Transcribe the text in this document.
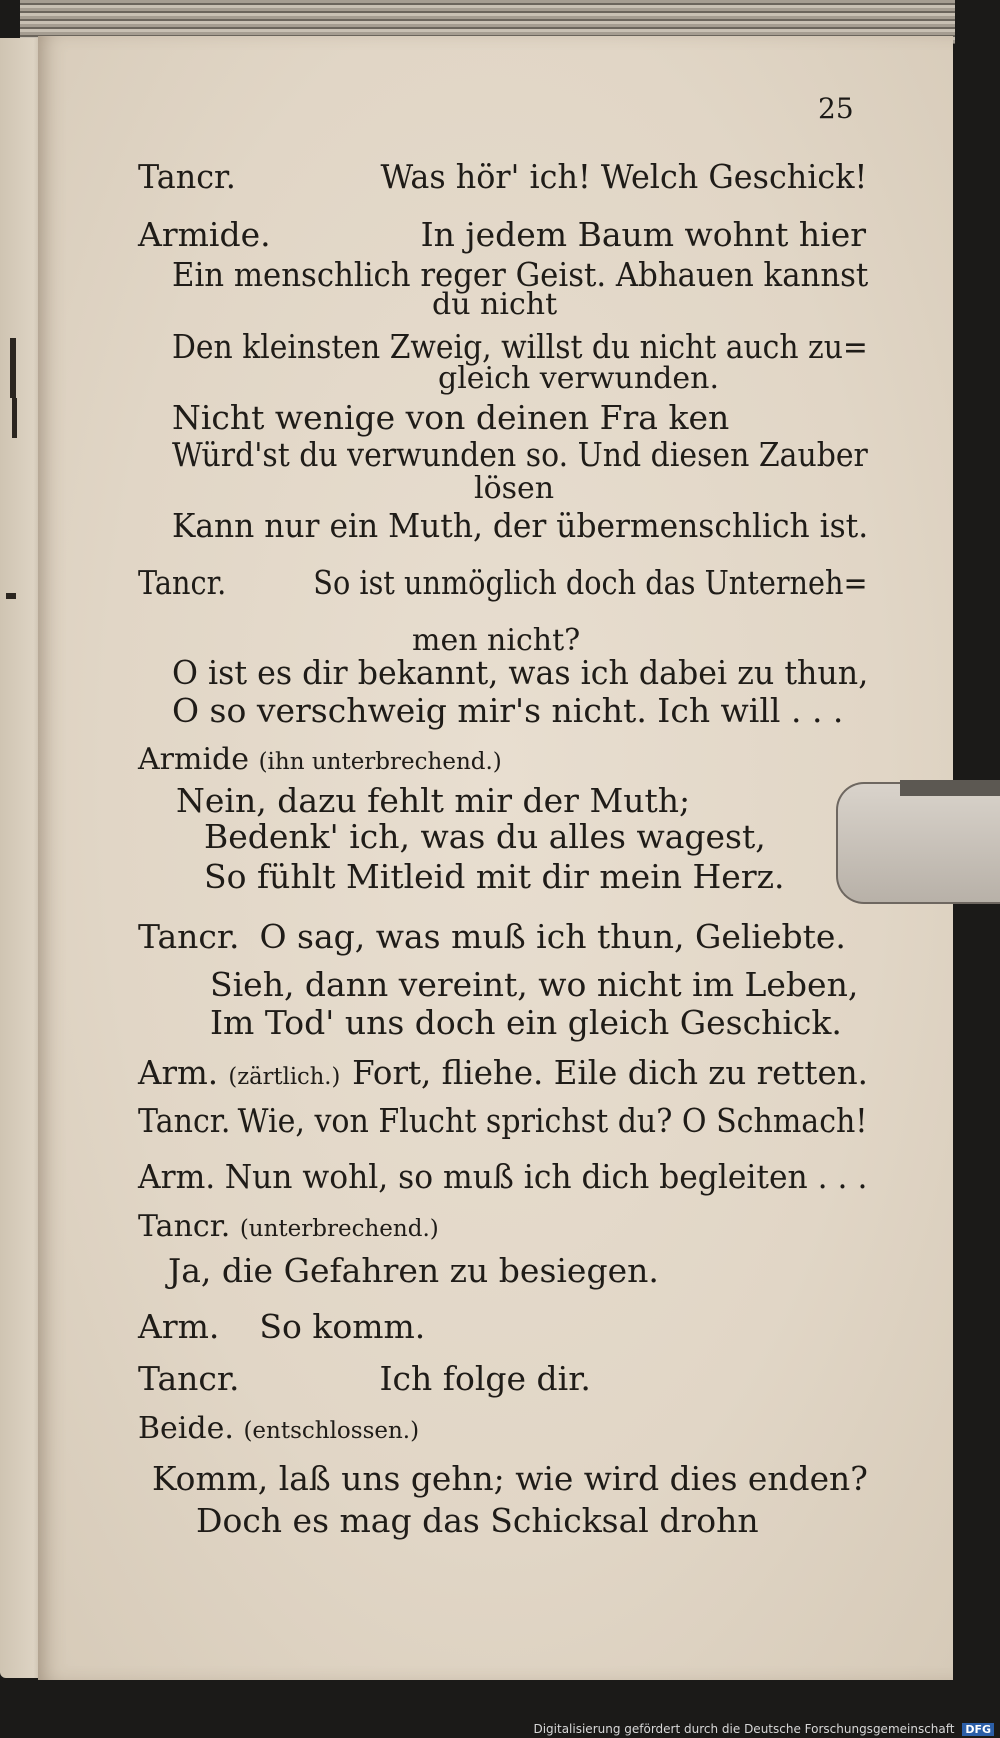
25

Tancr.	Was hör' ich! Welch Geschick!

Armide.	In jedem Baum wohnt hier

Ein menschlich reger Geist. Abhauen kannst

du nicht

Den kleinsten Zweig, willst du nicht auch zu=

gleich verwunden.

Nicht wenige von deinen Fra ken

Würd'st du verwunden so. Und diesen Zauber

lösen

Kann nur ein Muth, der übermenschlich ist.

Tancr.	So ist unmöglich doch das Unterneh=

men nicht?

O ist es dir bekannt, was ich dabei zu thun,

O so verschweig mir's nicht. Ich will . . .

Armide (ihn unterbrechend.)

Nein, dazu fehlt mir der Muth;

Bedenk' ich, was du alles wagest,

So fühlt Mitleid mit dir mein Herz.

Tancr. O sag, was muß ich thun, Geliebte.

Sieh, dann vereint, wo nicht im Leben,

Im Tod' uns doch ein gleich Geschick.

Arm. (zärtlich.) Fort, fliehe. Eile dich zu retten.

Tancr. Wie, von Flucht sprichst du? O Schmach!

Arm. Nun wohl, so muß ich dich begleiten . . .

Tancr. (unterbrechend.)

Ja, die Gefahren zu besiegen.

Arm. So komm.

Tancr.	Ich folge dir.

Beide. (entschlossen.)

Komm, laß uns gehn; wie wird dies enden?

Doch es mag das Schicksal drohn

Digitalisierung gefördert durch die Deutsche Forschungsgemeinschaft DFG
